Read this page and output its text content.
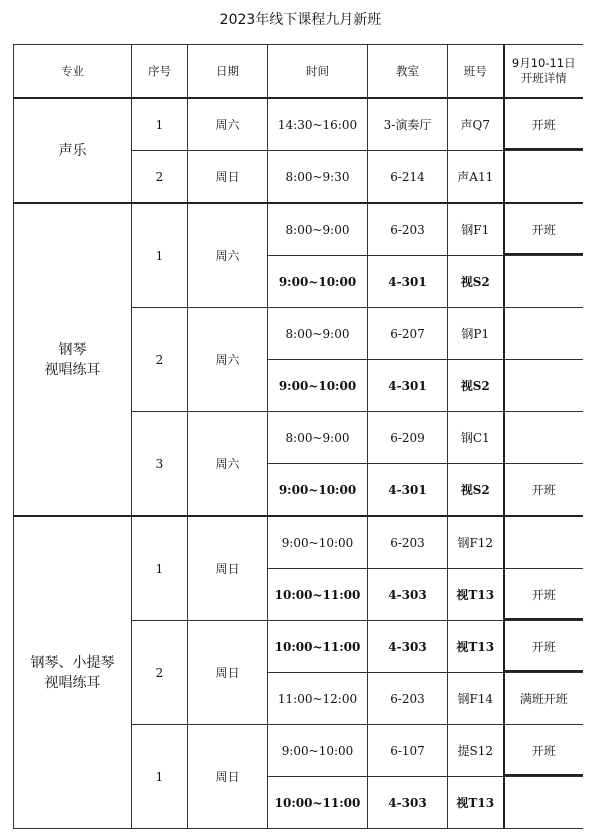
2023年线下课程九月新班
专业	序号	日期	时间	教室	班号	9月10-11日
开班详情

声乐	1	周六	14:30~16:00	3-演奏厅	声Q7	开班
	2	周日	8:00~9:30	6-214	声A11	
钢琴
视唱练耳	1	周六	8:00~9:00	6-203	钢F1	开班
			9:00~10:00	4-301	视S2	
	2	周六	8:00~9:00	6-207	钢P1	
			9:00~10:00	4-301	视S2	
	3	周六	8:00~9:00	6-209	钢C1	
			9:00~10:00	4-301	视S2	开班
钢琴、小提琴
视唱练耳	1	周日	9:00~10:00	6-203	钢F12	
			10:00~11:00	4-303	视T13	开班
	2	周日	10:00~11:00	4-303	视T13	开班
			11:00~12:00	6-203	钢F14	满班开班
	1	周日	9:00~10:00	6-107	提S12	开班
			10:00~11:00	4-303	视T13	
